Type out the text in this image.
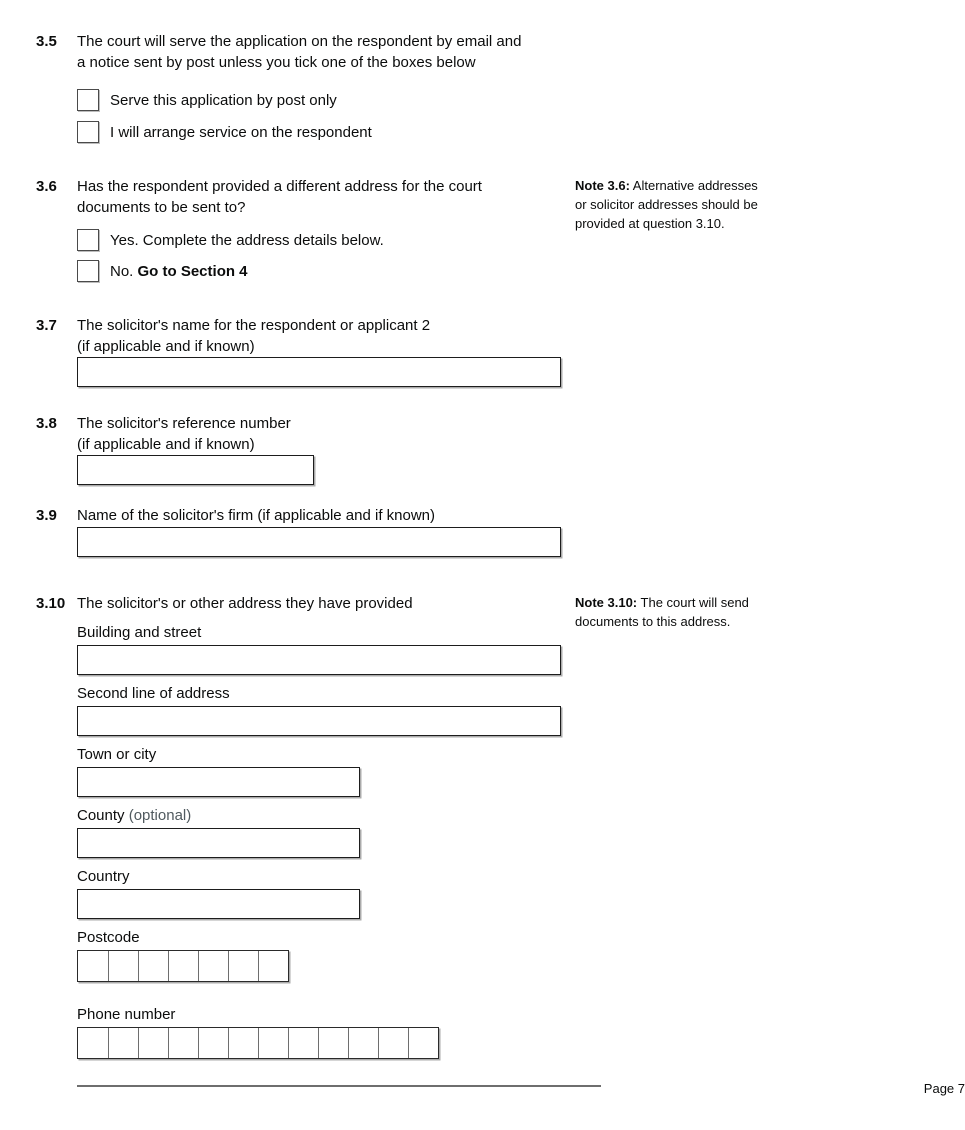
3.5	The court will serve the application on the respondent by email and
a notice sent by post unless you tick one of the boxes below
Serve this application by post only
I will arrange service on the respondent
3.6	Has the respondent provided a different address for the court
documents to be sent to?
Yes. Complete the address details below.
No. Go to Section 4
Note 3.6: Alternative addresses or solicitor addresses should be provided at question 3.10.
3.7	The solicitor's name for the respondent or applicant 2
(if applicable and if known)
3.8	The solicitor's reference number
(if applicable and if known)
3.9	Name of the solicitor's firm (if applicable and if known)
3.10 The solicitor's or other address they have provided
Building and street
Second line of address
Town or city
County (optional)
Country
Postcode
Phone number
Page 7
Note 3.10: The court will send documents to this address.
